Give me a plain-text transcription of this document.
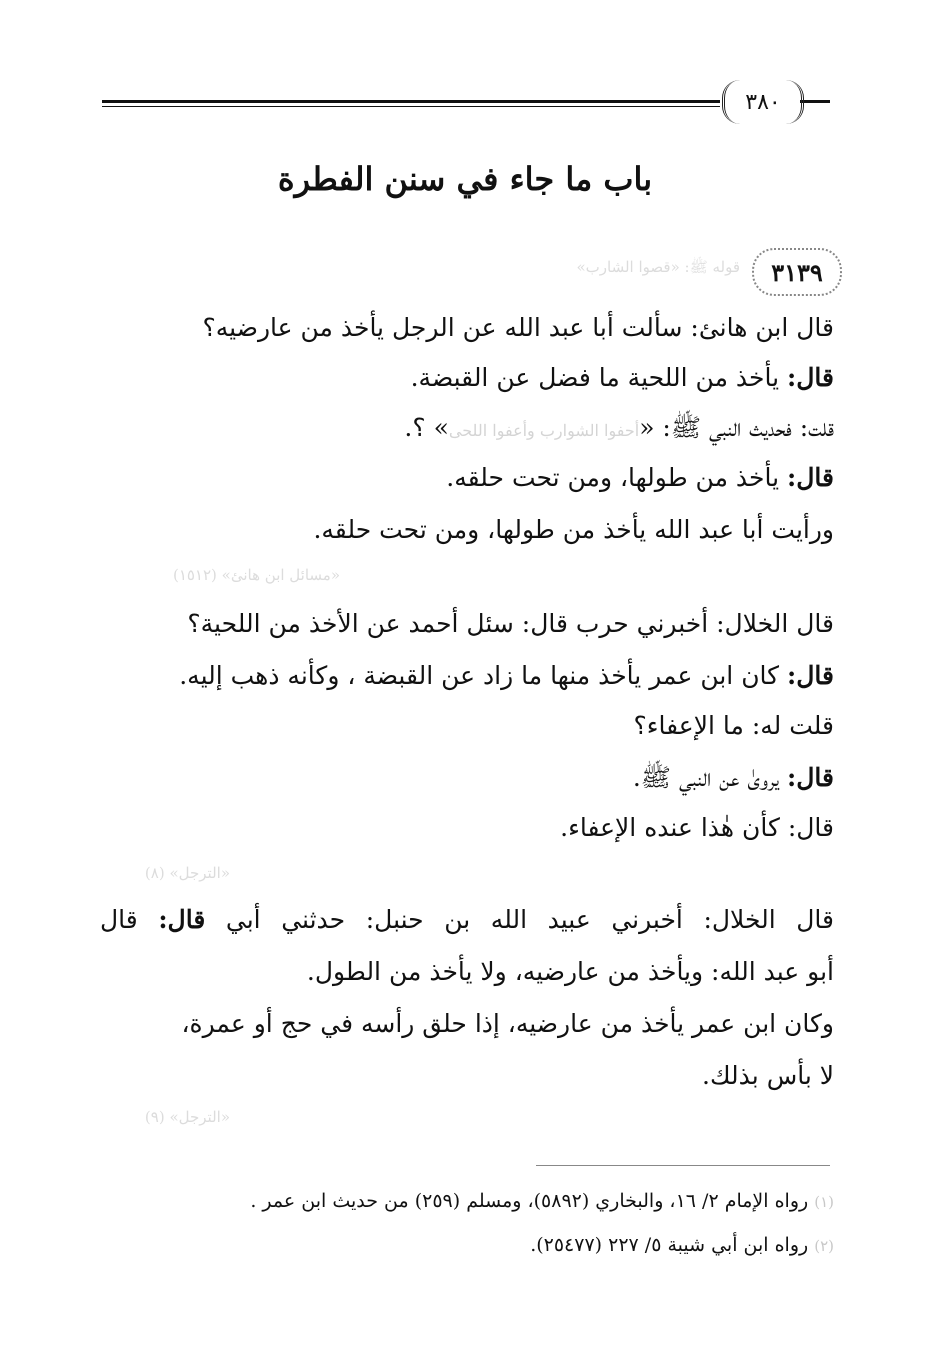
٣٨٠
باب ما جاء في سنن الفطرة
٣١٣٩
قوله ﷺ: «قصوا الشارب»
قال ابن هانئ: سألت أبا عبد الله عن الرجل يأخذ من عارضيه؟
قال: يأخذ من اللحية ما فضل عن القبضة.
قلت: فحديث النبي ﷺ: «أحفوا الشوارب وأعفوا اللحى» ؟.
قال: يأخذ من طولها، ومن تحت حلقه.
ورأيت أبا عبد الله يأخذ من طولها، ومن تحت حلقه.
«مسائل ابن هانئ» (١٥١٢)
قال الخلال: أخبرني حرب قال: سئل أحمد عن الأخذ من اللحية؟
قال: كان ابن عمر يأخذ منها ما زاد عن القبضة ، وكأنه ذهب إليه.
قلت له: ما الإعفاء؟
قال: يروىٰ عن النبي ﷺ.
قال: كأن هٰذا عنده الإعفاء.
«الترجل» (٨)
قال الخلال: أخبرني عبيد الله بن حنبل: حدثني أبي قال: قال
أبو عبد الله: ويأخذ من عارضيه، ولا يأخذ من الطول.
وكان ابن عمر يأخذ من عارضيه، إذا حلق رأسه في حج أو عمرة،
لا بأس بذلك.
«الترجل» (٩)
(١) رواه الإمام ٢/ ١٦، والبخاري (٥٨٩٢)، ومسلم (٢٥٩) من حديث ابن عمر .
(٢) رواه ابن أبي شيبة ٥/ ٢٢٧ (٢٥٤٧٧).
